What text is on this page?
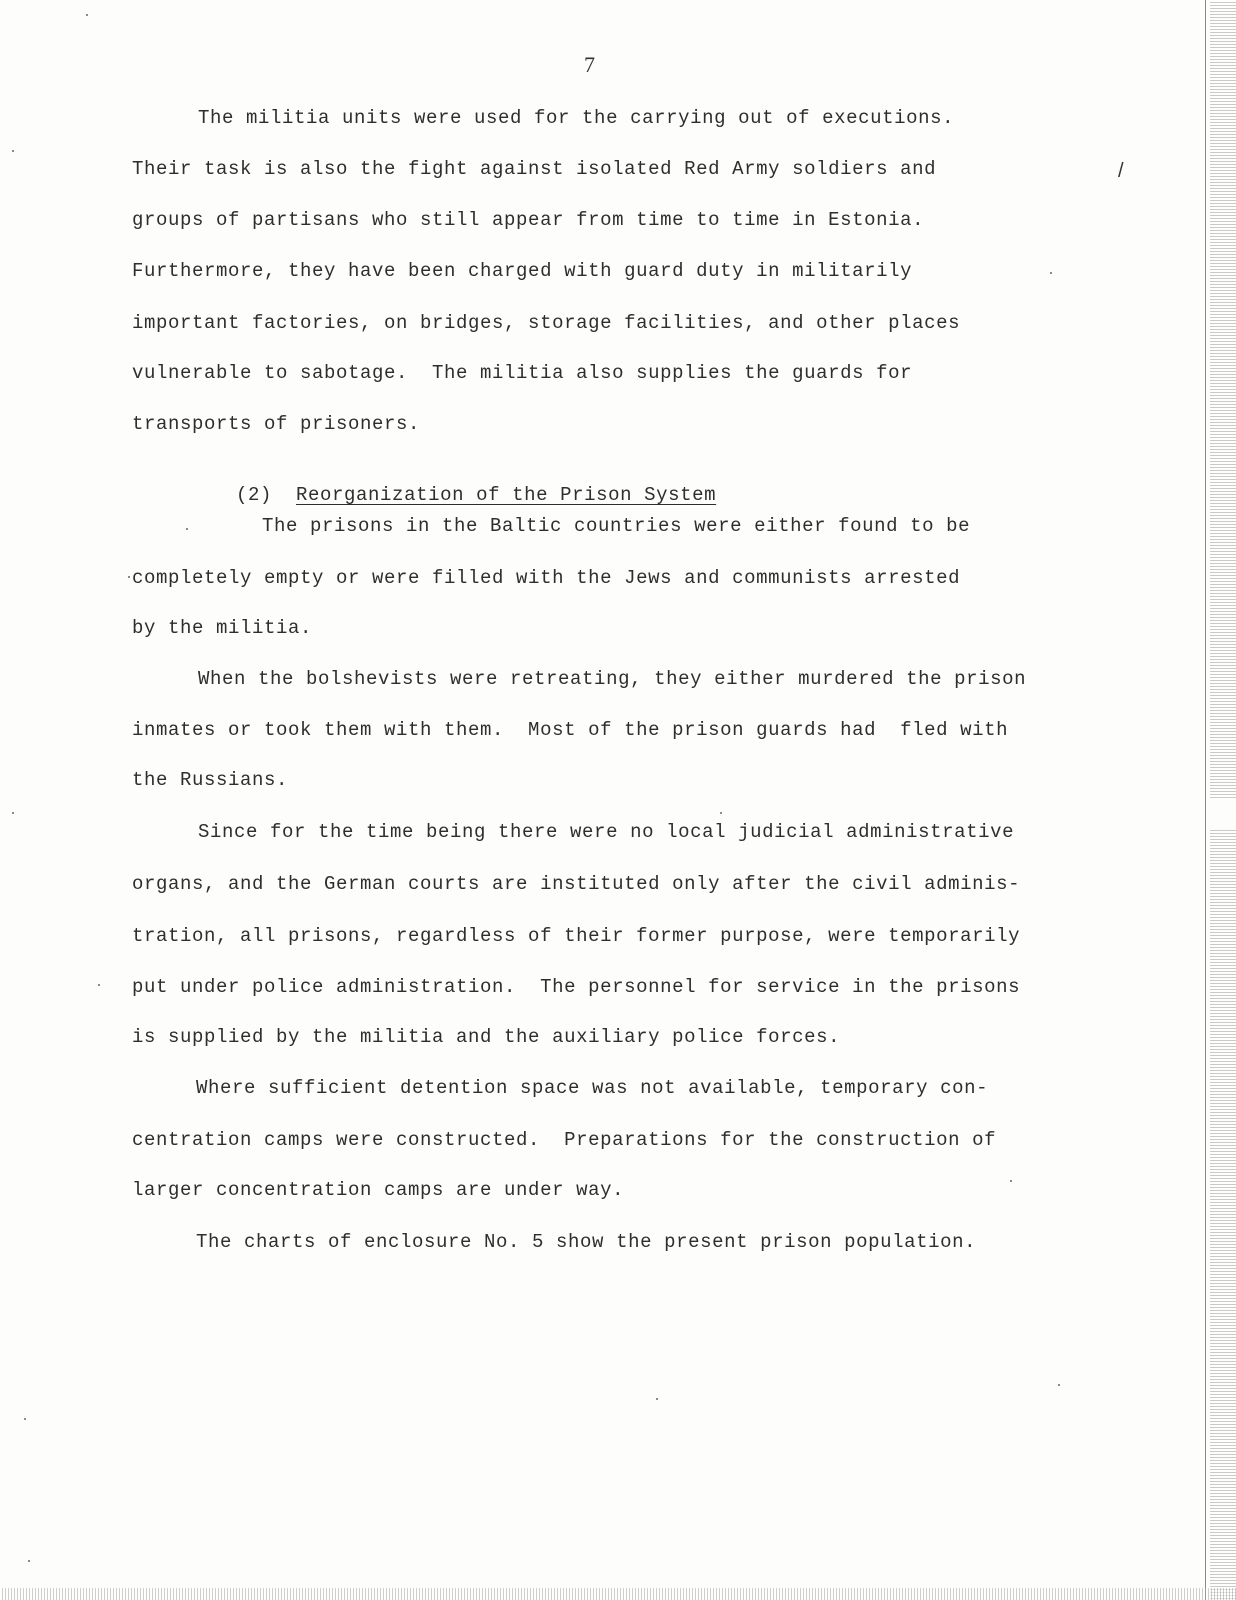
7
/
The militia units were used for the carrying out of executions.
Their task is also the fight against isolated Red Army soldiers and
groups of partisans who still appear from time to time in Estonia.
Furthermore, they have been charged with guard duty in militarily
important factories, on bridges, storage facilities, and other places
vulnerable to sabotage.  The militia also supplies the guards for
transports of prisoners.

(2) Reorganization of the Prison System

The prisons in the Baltic countries were either found to be
completely empty or were filled with the Jews and communists arrested
by the militia.
When the bolshevists were retreating, they either murdered the prison
inmates or took them with them.  Most of the prison guards had  fled with
the Russians.
Since for the time being there were no local judicial administrative
organs, and the German courts are instituted only after the civil adminis-
tration, all prisons, regardless of their former purpose, were temporarily
put under police administration.  The personnel for service in the prisons
is supplied by the militia and the auxiliary police forces.
Where sufficient detention space was not available, temporary con-
centration camps were constructed.  Preparations for the construction of
larger concentration camps are under way.
The charts of enclosure No. 5 show the present prison population.
